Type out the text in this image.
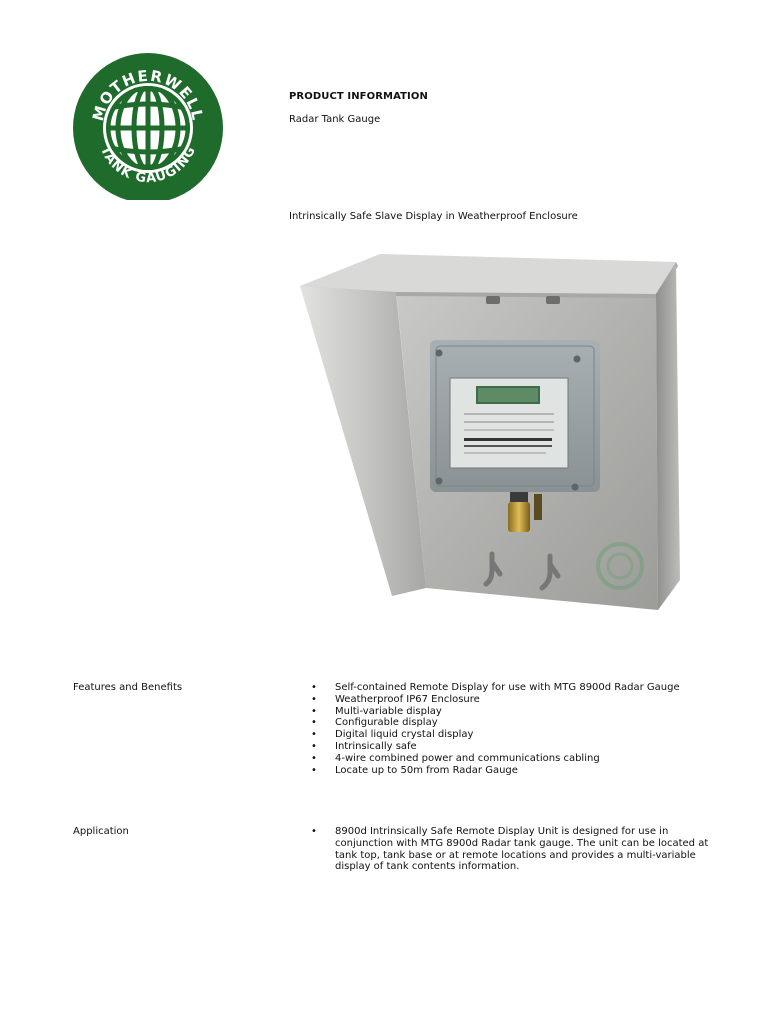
MOTHERWELL
TANK GAUGING
PRODUCT INFORMATION
Radar Tank Gauge
Intrinsically Safe Slave Display in Weatherproof Enclosure
Features and Benefits	• Self-contained Remote Display for use with MTG 8900d Radar Gauge
• Weatherproof IP67 Enclosure
• Multi-variable display
• Configurable display
• Digital liquid crystal display
• Intrinsically safe
• 4-wire combined power and communications cabling
• Locate up to 50m from Radar Gauge
Application	• 8900d Intrinsically Safe Remote Display Unit is designed for use in conjunction with MTG 8900d Radar tank gauge. The unit can be located at tank top, tank base or at remote locations and provides a multi-variable display of tank contents information.
